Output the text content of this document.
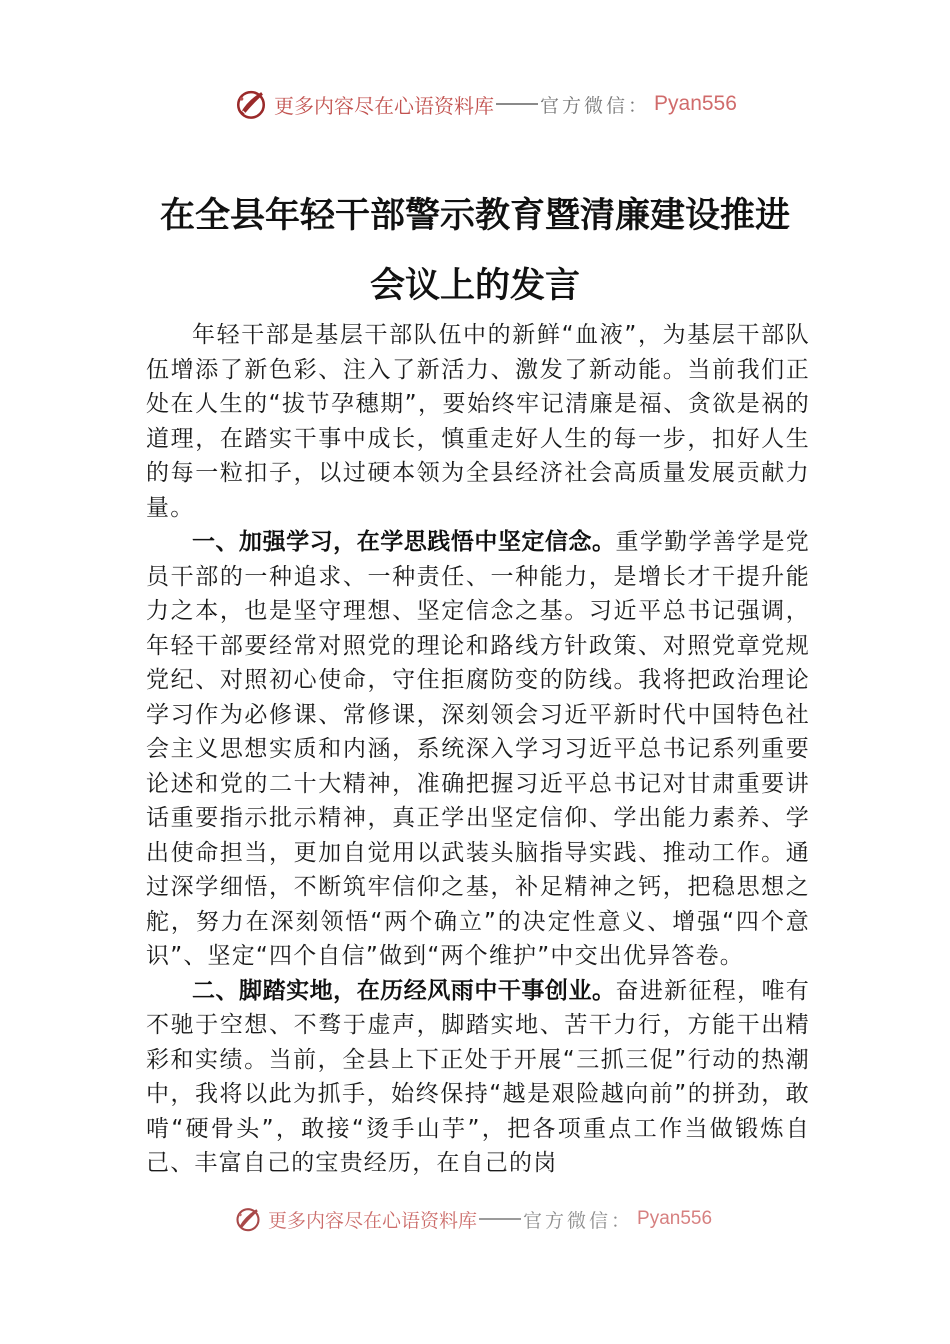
更多内容尽在心语资料库 官方微信： Pyan556
在全县年轻干部警示教育暨清廉建设推进
会议上的发言

年轻干部是基层干部队伍中的新鲜“血液”，为基层干部队伍增添了新色彩、注入了新活力、激发了新动能。当前我们正处在人生的“拔节孕穗期”，要始终牢记清廉是福、贪欲是祸的道理，在踏实干事中成长，慎重走好人生的每一步，扣好人生的每一粒扣子，以过硬本领为全县经济社会高质量发展贡献力量。

一、加强学习，在学思践悟中坚定信念。重学勤学善学是党员干部的一种追求、一种责任、一种能力，是增长才干提升能力之本，也是坚守理想、坚定信念之基。习近平总书记强调，年轻干部要经常对照党的理论和路线方针政策、对照党章党规党纪、对照初心使命，守住拒腐防变的防线。我将把政治理论学习作为必修课、常修课，深刻领会习近平新时代中国特色社会主义思想实质和内涵，系统深入学习习近平总书记系列重要论述和党的二十大精神，准确把握习近平总书记对甘肃重要讲话重要指示批示精神，真正学出坚定信仰、学出能力素养、学出使命担当，更加自觉用以武装头脑指导实践、推动工作。通过深学细悟，不断筑牢信仰之基，补足精神之钙，把稳思想之舵，努力在深刻领悟“两个确立”的决定性意义、增强“四个意识”、坚定“四个自信”做到“两个维护”中交出优异答卷。

二、脚踏实地，在历经风雨中干事创业。奋进新征程，唯有不驰于空想、不骛于虚声，脚踏实地、苦干力行，方能干出精彩和实绩。当前，全县上下正处于开展“三抓三促”行动的热潮中，我将以此为抓手，始终保持“越是艰险越向前”的拼劲，敢啃“硬骨头”，敢接“烫手山芋”，把各项重点工作当做锻炼自己、丰富自己的宝贵经历，在自己的岗

更多内容尽在心语资料库 官方微信： Pyan556
